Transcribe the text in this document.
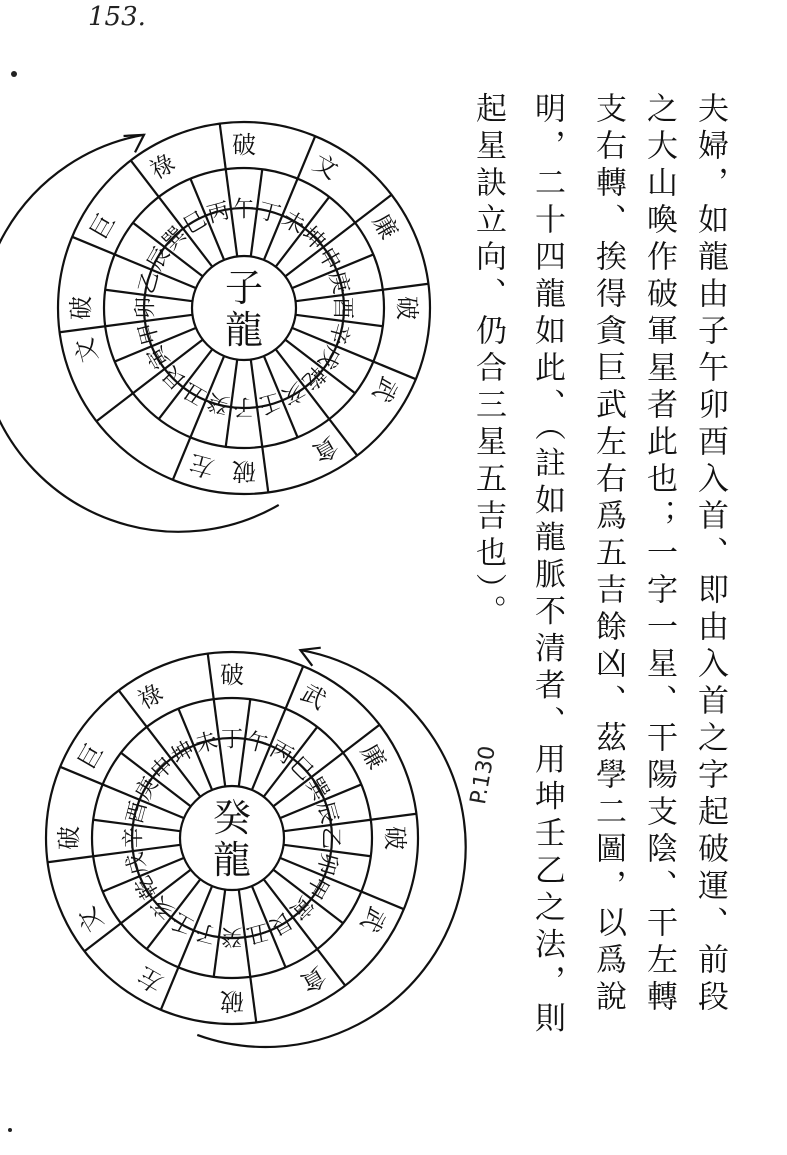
153.
夫婦，如龍由子午卯酉入首、即由入首之字起破運、前段
之大山喚作破軍星者此也；一字一星、干陽支陰、干左轉
支右轉、挨得貪巨武左右爲五吉餘凶、茲學二圖，以爲說
明，二十四龍如此、（註如龍脈不清者、用坤壬乙之法，則
起星訣立向、仍合三星五吉也）。
P.130
子
癸
丑
艮
寅
甲
卯
乙
辰
巽
巳
丙 午 丁
未
坤
申
庚
酉
辛
戌
乾
亥
壬
破
左
文
破
巨
祿
破
文
廉
破
武
貪
子
龍
癸
子
壬
亥
乾
戌
辛
酉
庚
申
坤
未 丁 午
丙
巳
巽
辰
乙
卯
甲
寅
艮
丑
破
左
文
破
巨
祿
破
武
廉
破
武
貪
癸
龍
